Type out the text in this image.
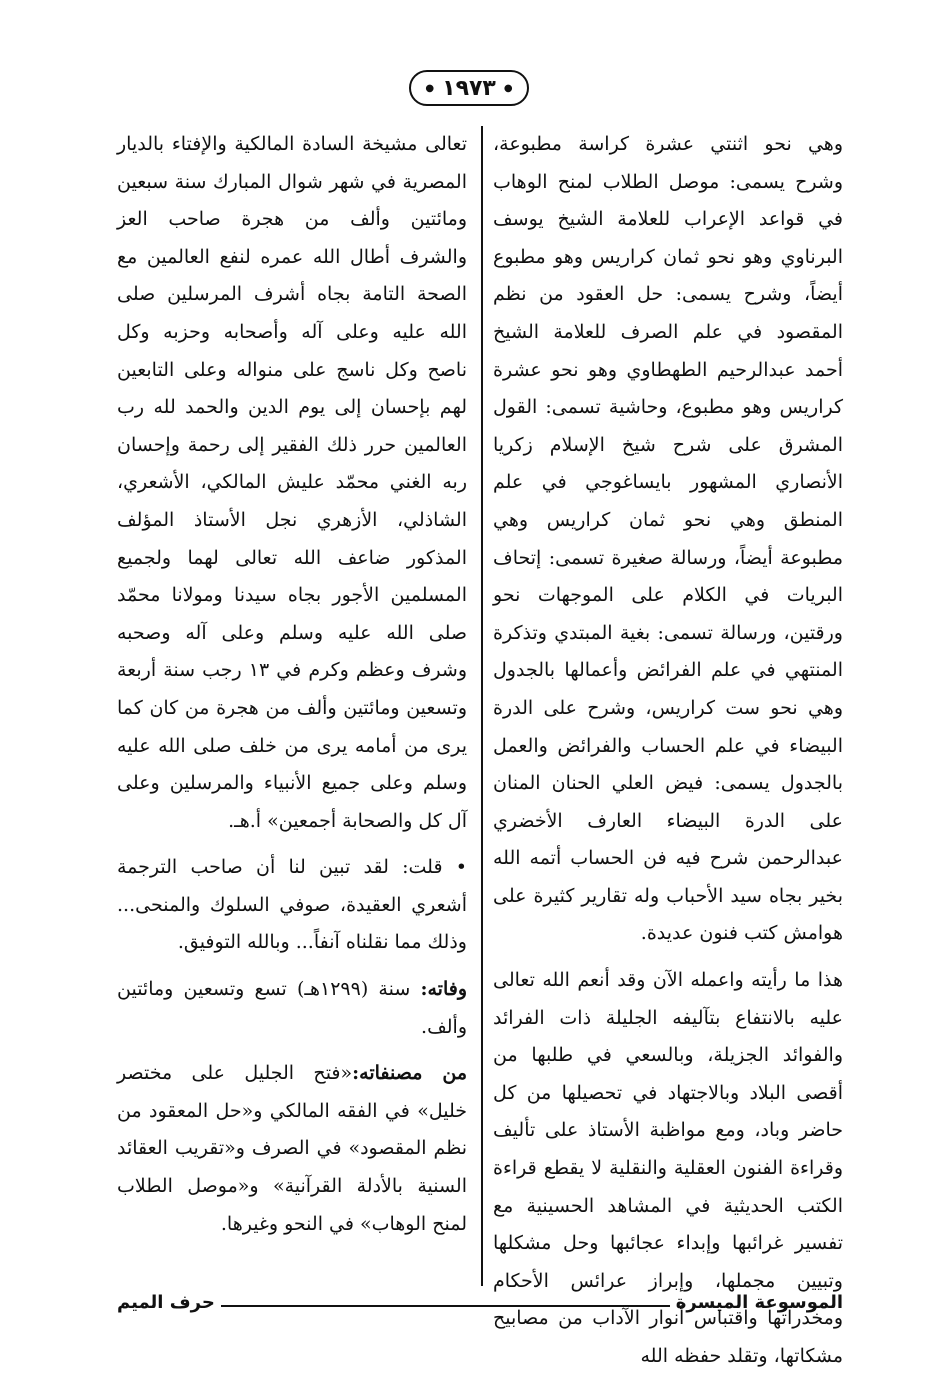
● ١٩٧٣ ●

وهي نحو اثنتي عشرة كراسة مطبوعة، وشرح يسمى: موصل الطلاب لمنح الوهاب في قواعد الإعراب للعلامة الشيخ يوسف البرناوي وهو نحو ثمان كراريس وهو مطبوع أيضاً، وشرح يسمى: حل العقود من نظم المقصود في علم الصرف للعلامة الشيخ أحمد عبدالرحيم الطهطاوي وهو نحو عشرة كراريس وهو مطبوع، وحاشية تسمى: القول المشرق على شرح شيخ الإسلام زكريا الأنصاري المشهور بايساغوجي في علم المنطق وهي نحو ثمان كراريس وهي مطبوعة أيضاً، ورسالة صغيرة تسمى: إتحاف البريات في الكلام على الموجهات نحو ورقتين، ورسالة تسمى: بغية المبتدي وتذكرة المنتهي في علم الفرائض وأعمالها بالجدول وهي نحو ست كراريس، وشرح على الدرة البيضاء في علم الحساب والفرائض والعمل بالجدول يسمى: فيض العلي الحنان المنان على الدرة البيضاء العارف الأخضري عبدالرحمن شرح فيه فن الحساب أتمه الله بخير بجاه سيد الأحباب وله تقارير كثيرة على هوامش كتب فنون عديدة.

هذا ما رأيته واعمله الآن وقد أنعم الله تعالى عليه بالانتفاع بتآليفه الجليلة ذات الفرائد والفوائد الجزيلة، وبالسعي في طلبها من أقصى البلاد وبالاجتهاد في تحصيلها من كل حاضر وباد، ومع مواظبة الأستاذ على تأليف وقراءة الفنون العقلية والنقلية لا يقطع قراءة الكتب الحديثية في المشاهد الحسينية مع تفسير غرائبها وإبداء عجائبها وحل مشكلها وتبيين مجملها، وإبراز عرائس الأحكام ومخدراتها واقتباس أنوار الآداب من مصابيح مشكاتها، وتقلد حفظه الله

تعالى مشيخة السادة المالكية والإفتاء بالديار المصرية في شهر شوال المبارك سنة سبعين ومائتين وألف من هجرة صاحب العز والشرف أطال الله عمره لنفع العالمين مع الصحة التامة بجاه أشرف المرسلين صلى الله عليه وعلى آله وأصحابه وحزبه وكل ناصح وكل ناسج على منواله وعلى التابعين لهم بإحسان إلى يوم الدين والحمد لله رب العالمين حرر ذلك الفقير إلى رحمة وإحسان ربه الغني محمّد عليش المالكي، الأشعري، الشاذلي، الأزهري نجل الأستاذ المؤلف المذكور ضاعف الله تعالى لهما ولجميع المسلمين الأجور بجاه سيدنا ومولانا محمّد صلى الله عليه وسلم وعلى آله وصحبه وشرف وعظم وكرم في ١٣ رجب سنة أربعة وتسعين ومائتين وألف من هجرة من كان كما يرى من أمامه يرى من خلف صلى الله عليه وسلم وعلى جميع الأنبياء والمرسلين وعلى آل كل والصحابة أجمعين» أ.هـ.

• قلت: لقد تبين لنا أن صاحب الترجمة أشعري العقيدة، صوفي السلوك والمنحى... وذلك مما نقلناه آنفاً... وبالله التوفيق.

وفاته: سنة (١٢٩٩هـ) تسع وتسعين ومائتين وألف.

من مصنفاته:«فتح الجليل على مختصر خليل» في الفقه المالكي و«حل المعقود من نظم المقصود» في الصرف و«تقريب العقائد السنية بالأدلة القرآنية» و«موصل الطلاب لمنح الوهاب» في النحو وغيرها.

الموسوعة الميسرة
حرف الميم
